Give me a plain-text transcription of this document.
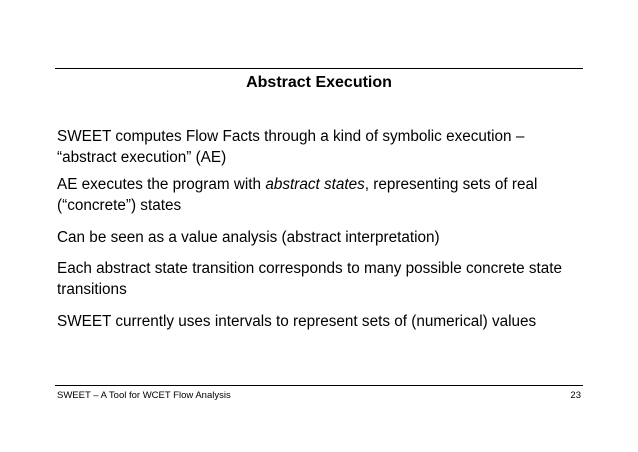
Abstract Execution
SWEET computes Flow Facts through a kind of symbolic execution – “abstract execution” (AE)
AE executes the program with abstract states, representing sets of real (“concrete”) states
Can be seen as a value analysis (abstract interpretation)
Each abstract state transition corresponds to many possible concrete state transitions
SWEET currently uses intervals to represent sets of (numerical) values
SWEET – A Tool for WCET Flow Analysis	23
